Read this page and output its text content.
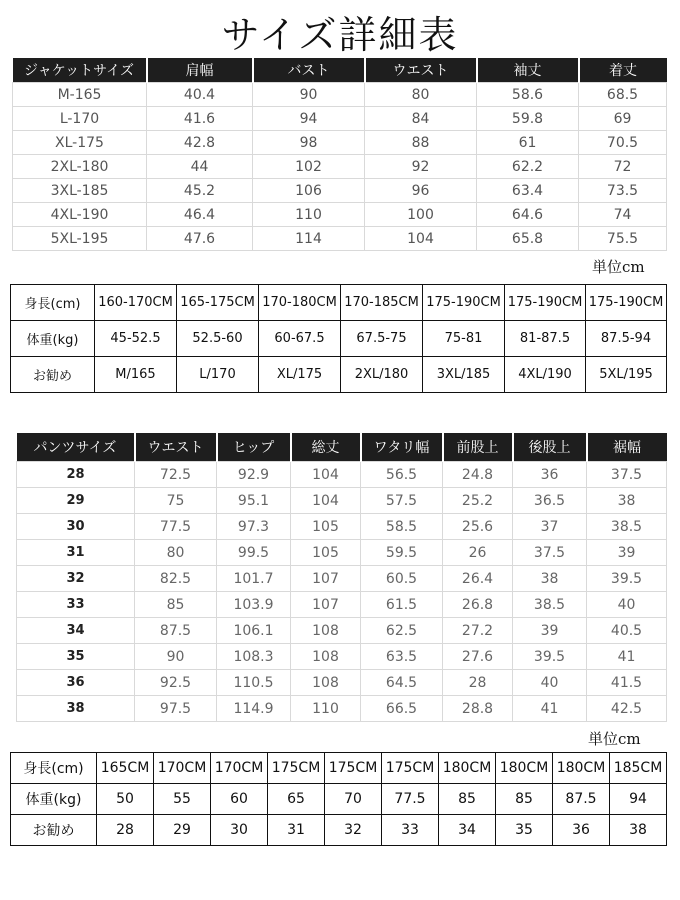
サイズ詳細表
ジャケットサイズ	肩幅	バスト	ウエスト	袖丈	着丈
M-165	40.4	90	80	58.6	68.5
L-170	41.6	94	84	59.8	69
XL-175	42.8	98	88	61	70.5
2XL-180	44	102	92	62.2	72
3XL-185	45.2	106	96	63.4	73.5
4XL-190	46.4	110	100	64.6	74
5XL-195	47.6	114	104	65.8	75.5
単位cm
身長(cm)	160-170CM	165-175CM	170-180CM	170-185CM	175-190CM	175-190CM	175-190CM
体重(kg)	45-52.5	52.5-60	60-67.5	67.5-75	75-81	81-87.5	87.5-94
お勧め	M/165	L/170	XL/175	2XL/180	3XL/185	4XL/190	5XL/195
パンツサイズ	ウエスト	ヒップ	総丈	ワタリ幅	前股上	後股上	裾幅
28	72.5	92.9	104	56.5	24.8	36	37.5
29	75	95.1	104	57.5	25.2	36.5	38
30	77.5	97.3	105	58.5	25.6	37	38.5
31	80	99.5	105	59.5	26	37.5	39
32	82.5	101.7	107	60.5	26.4	38	39.5
33	85	103.9	107	61.5	26.8	38.5	40
34	87.5	106.1	108	62.5	27.2	39	40.5
35	90	108.3	108	63.5	27.6	39.5	41
36	92.5	110.5	108	64.5	28	40	41.5
38	97.5	114.9	110	66.5	28.8	41	42.5
単位cm
身長(cm)	165CM	170CM	170CM	175CM	175CM	175CM	180CM	180CM	180CM	185CM
体重(kg)	50	55	60	65	70	77.5	85	85	87.5	94
お勧め	28	29	30	31	32	33	34	35	36	38
